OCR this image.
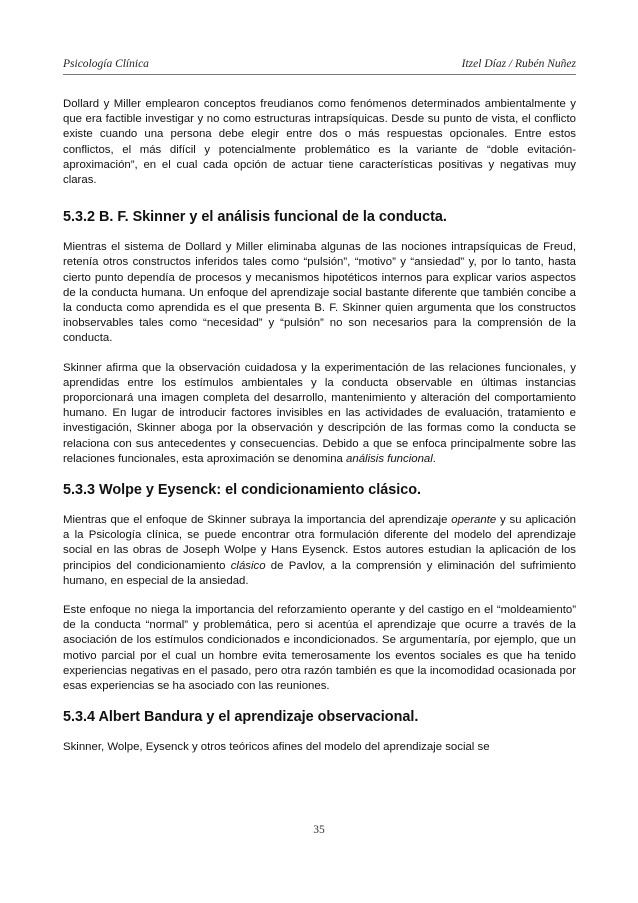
Psicología Clínica	Itzel Díaz / Rubén Nuñez

Dollard y Miller emplearon conceptos freudianos como fenómenos determinados ambientalmente y que era factible investigar y no como estructuras intrapsíquicas. Desde su punto de vista, el conflicto existe cuando una persona debe elegir entre dos o más respuestas opcionales. Entre estos conflictos, el más difícil y potencialmente problemático es la variante de “doble evitación-aproximación”, en el cual cada opción de actuar tiene características positivas y negativas muy claras.

5.3.2 B. F. Skinner y el análisis funcional de la conducta.

Mientras el sistema de Dollard y Miller eliminaba algunas de las nociones intrapsíquicas de Freud, retenía otros constructos inferidos tales como “pulsión”, “motivo” y “ansiedad” y, por lo tanto, hasta cierto punto dependía de procesos y mecanismos hipotéticos internos para explicar varios aspectos de la conducta humana. Un enfoque del aprendizaje social bastante diferente que también concibe a la conducta como aprendida es el que presenta B. F. Skinner quien argumenta que los constructos inobservables tales como “necesidad” y “pulsión” no son necesarios para la comprensión de la conducta.

Skinner afirma que la observación cuidadosa y la experimentación de las relaciones funcionales, y aprendidas entre los estímulos ambientales y la conducta observable en últimas instancias proporcionará una imagen completa del desarrollo, mantenimiento y alteración del comportamiento humano. En lugar de introducir factores invisibles en las actividades de evaluación, tratamiento e investigación, Skinner aboga por la observación y descripción de las formas como la conducta se relaciona con sus antecedentes y consecuencias. Debido a que se enfoca principalmente sobre las relaciones funcionales, esta aproximación se denomina análisis funcional.

5.3.3 Wolpe y Eysenck: el condicionamiento clásico.

Mientras que el enfoque de Skinner subraya la importancia del aprendizaje operante y su aplicación a la Psicología clínica, se puede encontrar otra formulación diferente del modelo del aprendizaje social en las obras de Joseph Wolpe y Hans Eysenck. Estos autores estudian la aplicación de los principios del condicionamiento clásico de Pavlov, a la comprensión y eliminación del sufrimiento humano, en especial de la ansiedad.

Este enfoque no niega la importancia del reforzamiento operante y del castigo en el “moldeamiento” de la conducta “normal” y problemática, pero si acentúa el aprendizaje que ocurre a través de la asociación de los estímulos condicionados e incondicionados. Se argumentaría, por ejemplo, que un motivo parcial por el cual un hombre evita temerosamente los eventos sociales es que ha tenido experiencias negativas en el pasado, pero otra razón también es que la incomodidad ocasionada por esas experiencias se ha asociado con las reuniones.

5.3.4 Albert Bandura y el aprendizaje observacional.

Skinner, Wolpe, Eysenck y otros teóricos afines del modelo del aprendizaje social se

35
